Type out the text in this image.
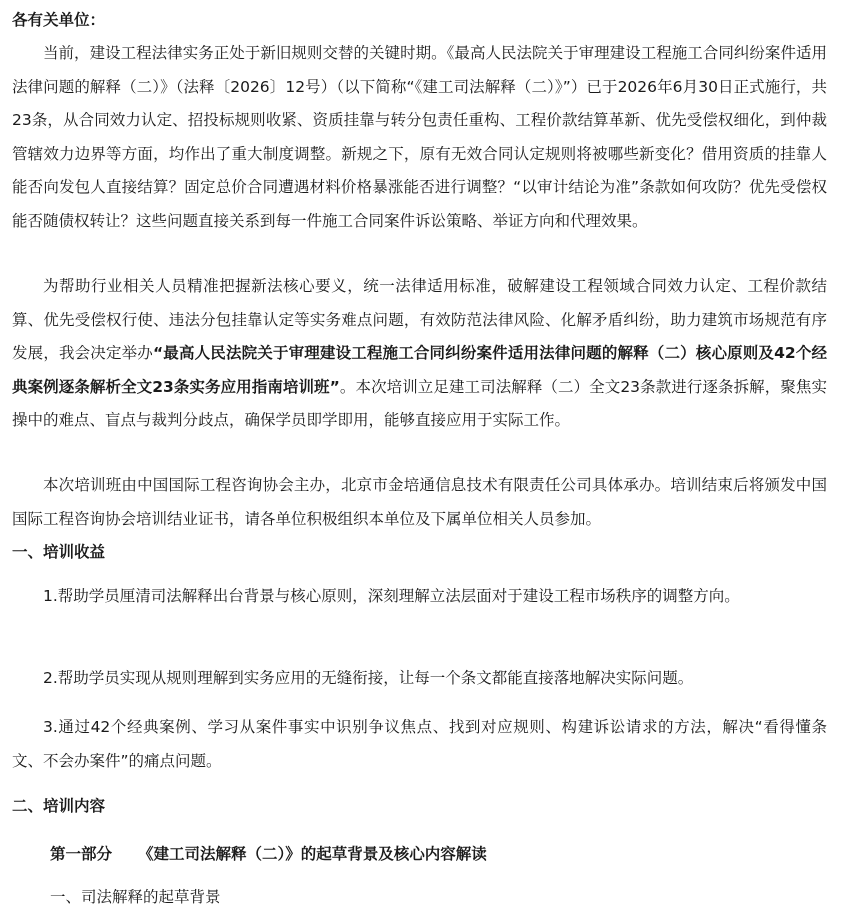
各有关单位：

当前，建设工程法律实务正处于新旧规则交替的关键时期。《最高人民法院关于审理建设工程施工合同纠纷案件适用法律问题的解释（二）》（法释〔2026〕12号）（以下简称“《建工司法解释（二）》”）已于2026年6月30日正式施行，共23条，从合同效力认定、招投标规则收紧、资质挂靠与转分包责任重构、工程价款结算革新、优先受偿权细化，到仲裁管辖效力边界等方面，均作出了重大制度调整。新规之下，原有无效合同认定规则将被哪些新变化？借用资质的挂靠人能否向发包人直接结算？固定总价合同遭遇材料价格暴涨能否进行调整？“以审计结论为准”条款如何攻防？优先受偿权能否随债权转让？这些问题直接关系到每一件施工合同案件诉讼策略、举证方向和代理效果。

为帮助行业相关人员精准把握新法核心要义，统一法律适用标准，破解建设工程领域合同效力认定、工程价款结算、优先受偿权行使、违法分包挂靠认定等实务难点问题，有效防范法律风险、化解矛盾纠纷，助力建筑市场规范有序发展，我会决定举办“最高人民法院关于审理建设工程施工合同纠纷案件适用法律问题的解释（二）核心原则及42个经典案例逐条解析全文23条实务应用指南培训班”。本次培训立足建工司法解释（二）全文23条款进行逐条拆解，聚焦实操中的难点、盲点与裁判分歧点，确保学员即学即用，能够直接应用于实际工作。

本次培训班由中国国际工程咨询协会主办，北京市金培通信息技术有限责任公司具体承办。培训结束后将颁发中国国际工程咨询协会培训结业证书，请各单位积极组织本单位及下属单位相关人员参加。

一、培训收益

1.帮助学员厘清司法解释出台背景与核心原则，深刻理解立法层面对于建设工程市场秩序的调整方向。

2.帮助学员实现从规则理解到实务应用的无缝衔接，让每一个条文都能直接落地解决实际问题。

3.通过42个经典案例、学习从案件事实中识别争议焦点、找到对应规则、构建诉讼请求的方法，解决“看得懂条文、不会办案件”的痛点问题。

二、培训内容
第一部分 《建工司法解释（二）》的起草背景及核心内容解读
一、司法解释的起草背景
